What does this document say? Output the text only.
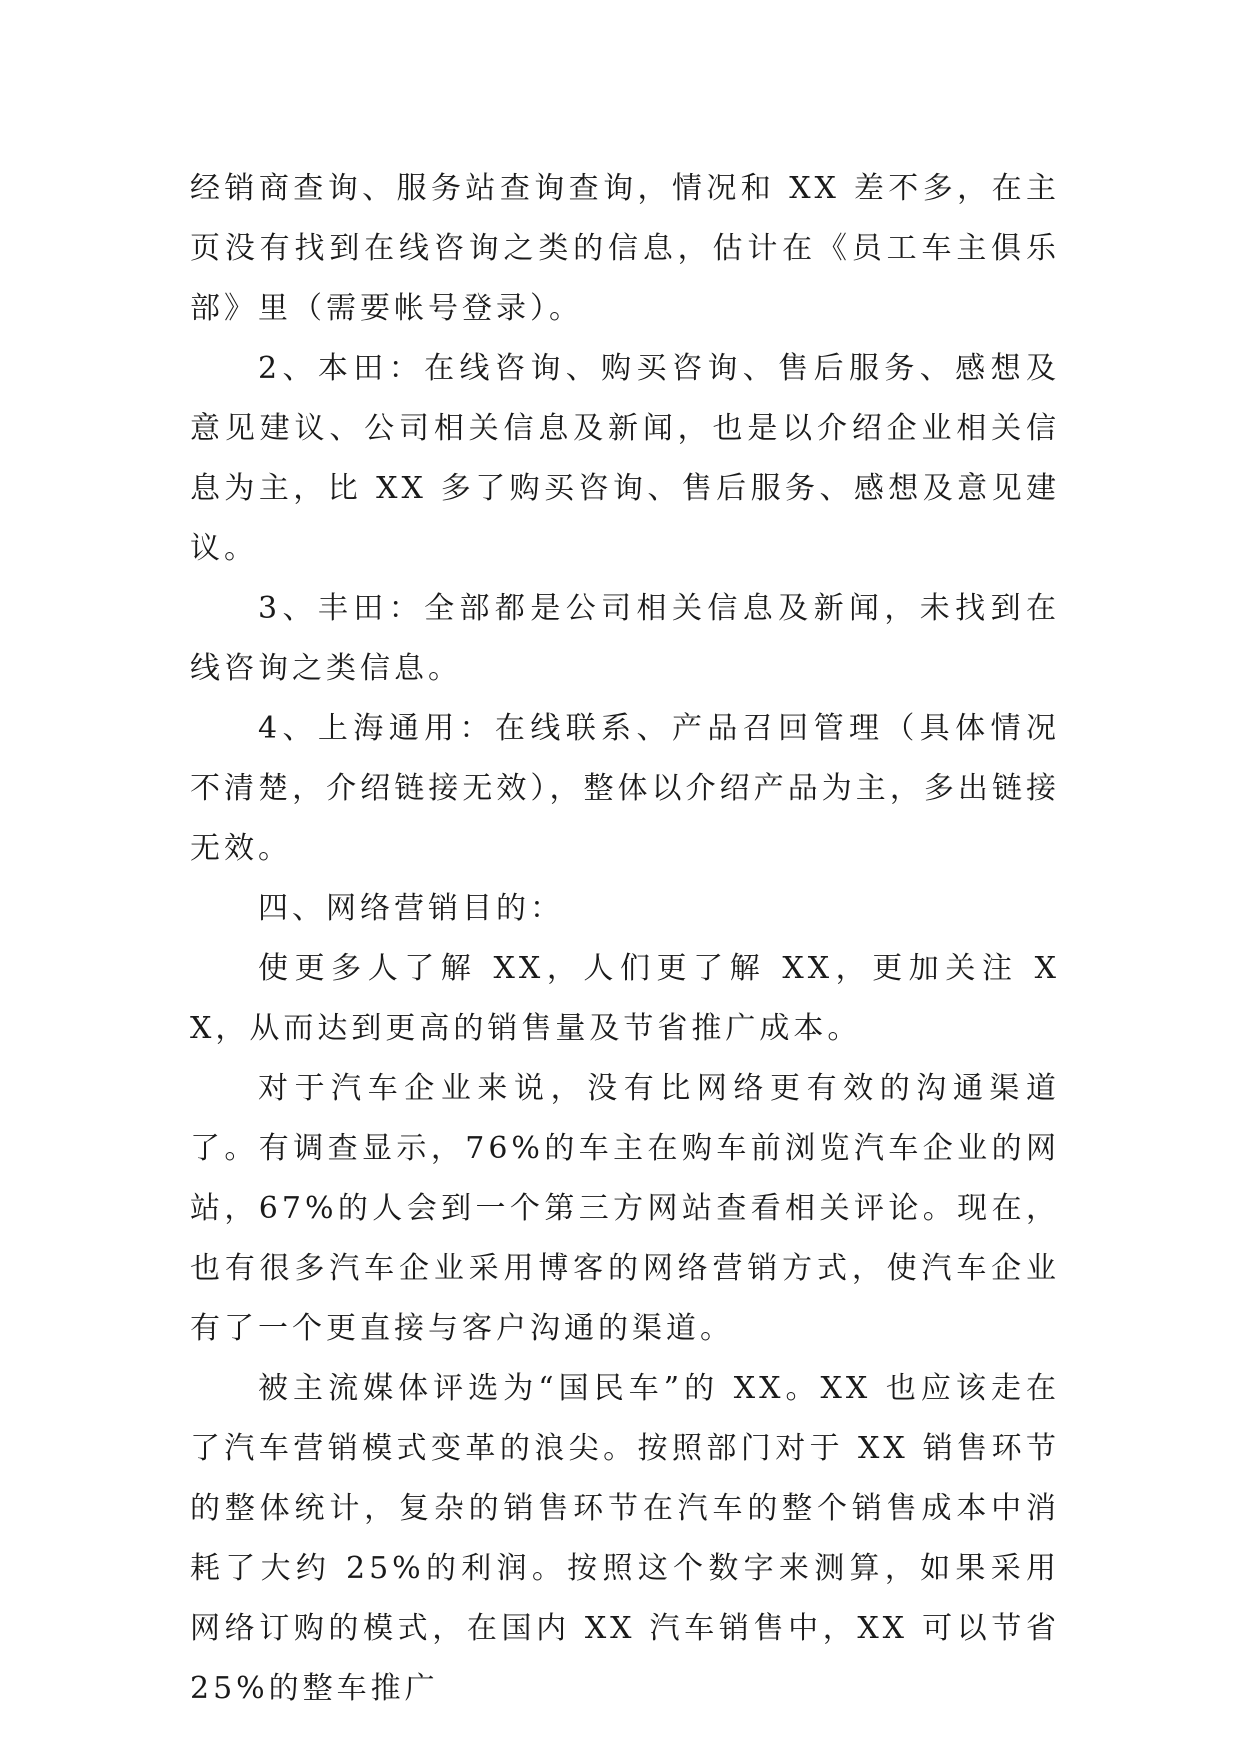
经销商查询、服务站查询查询，情况和 XX 差不多，在主页没有找到在线咨询之类的信息，估计在《员工车主俱乐部》里（需要帐号登录）。

2、本田：在线咨询、购买咨询、售后服务、感想及意见建议、公司相关信息及新闻，也是以介绍企业相关信息为主，比 XX 多了购买咨询、售后服务、感想及意见建议。

3、丰田：全部都是公司相关信息及新闻，未找到在线咨询之类信息。

4、上海通用：在线联系、产品召回管理（具体情况不清楚，介绍链接无效），整体以介绍产品为主，多出链接无效。

四、网络营销目的：

使更多人了解 XX，人们更了解 XX，更加关注 XX，从而达到更高的销售量及节省推广成本。

对于汽车企业来说，没有比网络更有效的沟通渠道了。有调查显示，76%的车主在购车前浏览汽车企业的网站，67%的人会到一个第三方网站查看相关评论。现在，也有很多汽车企业采用博客的网络营销方式，使汽车企业有了一个更直接与客户沟通的渠道。

被主流媒体评选为“国民车”的 XX。XX 也应该走在了汽车营销模式变革的浪尖。按照部门对于 XX 销售环节的整体统计，复杂的销售环节在汽车的整个销售成本中消耗了大约 25%的利润。按照这个数字来测算，如果采用网络订购的模式，在国内 XX 汽车销售中，XX 可以节省 25%的整车推广
